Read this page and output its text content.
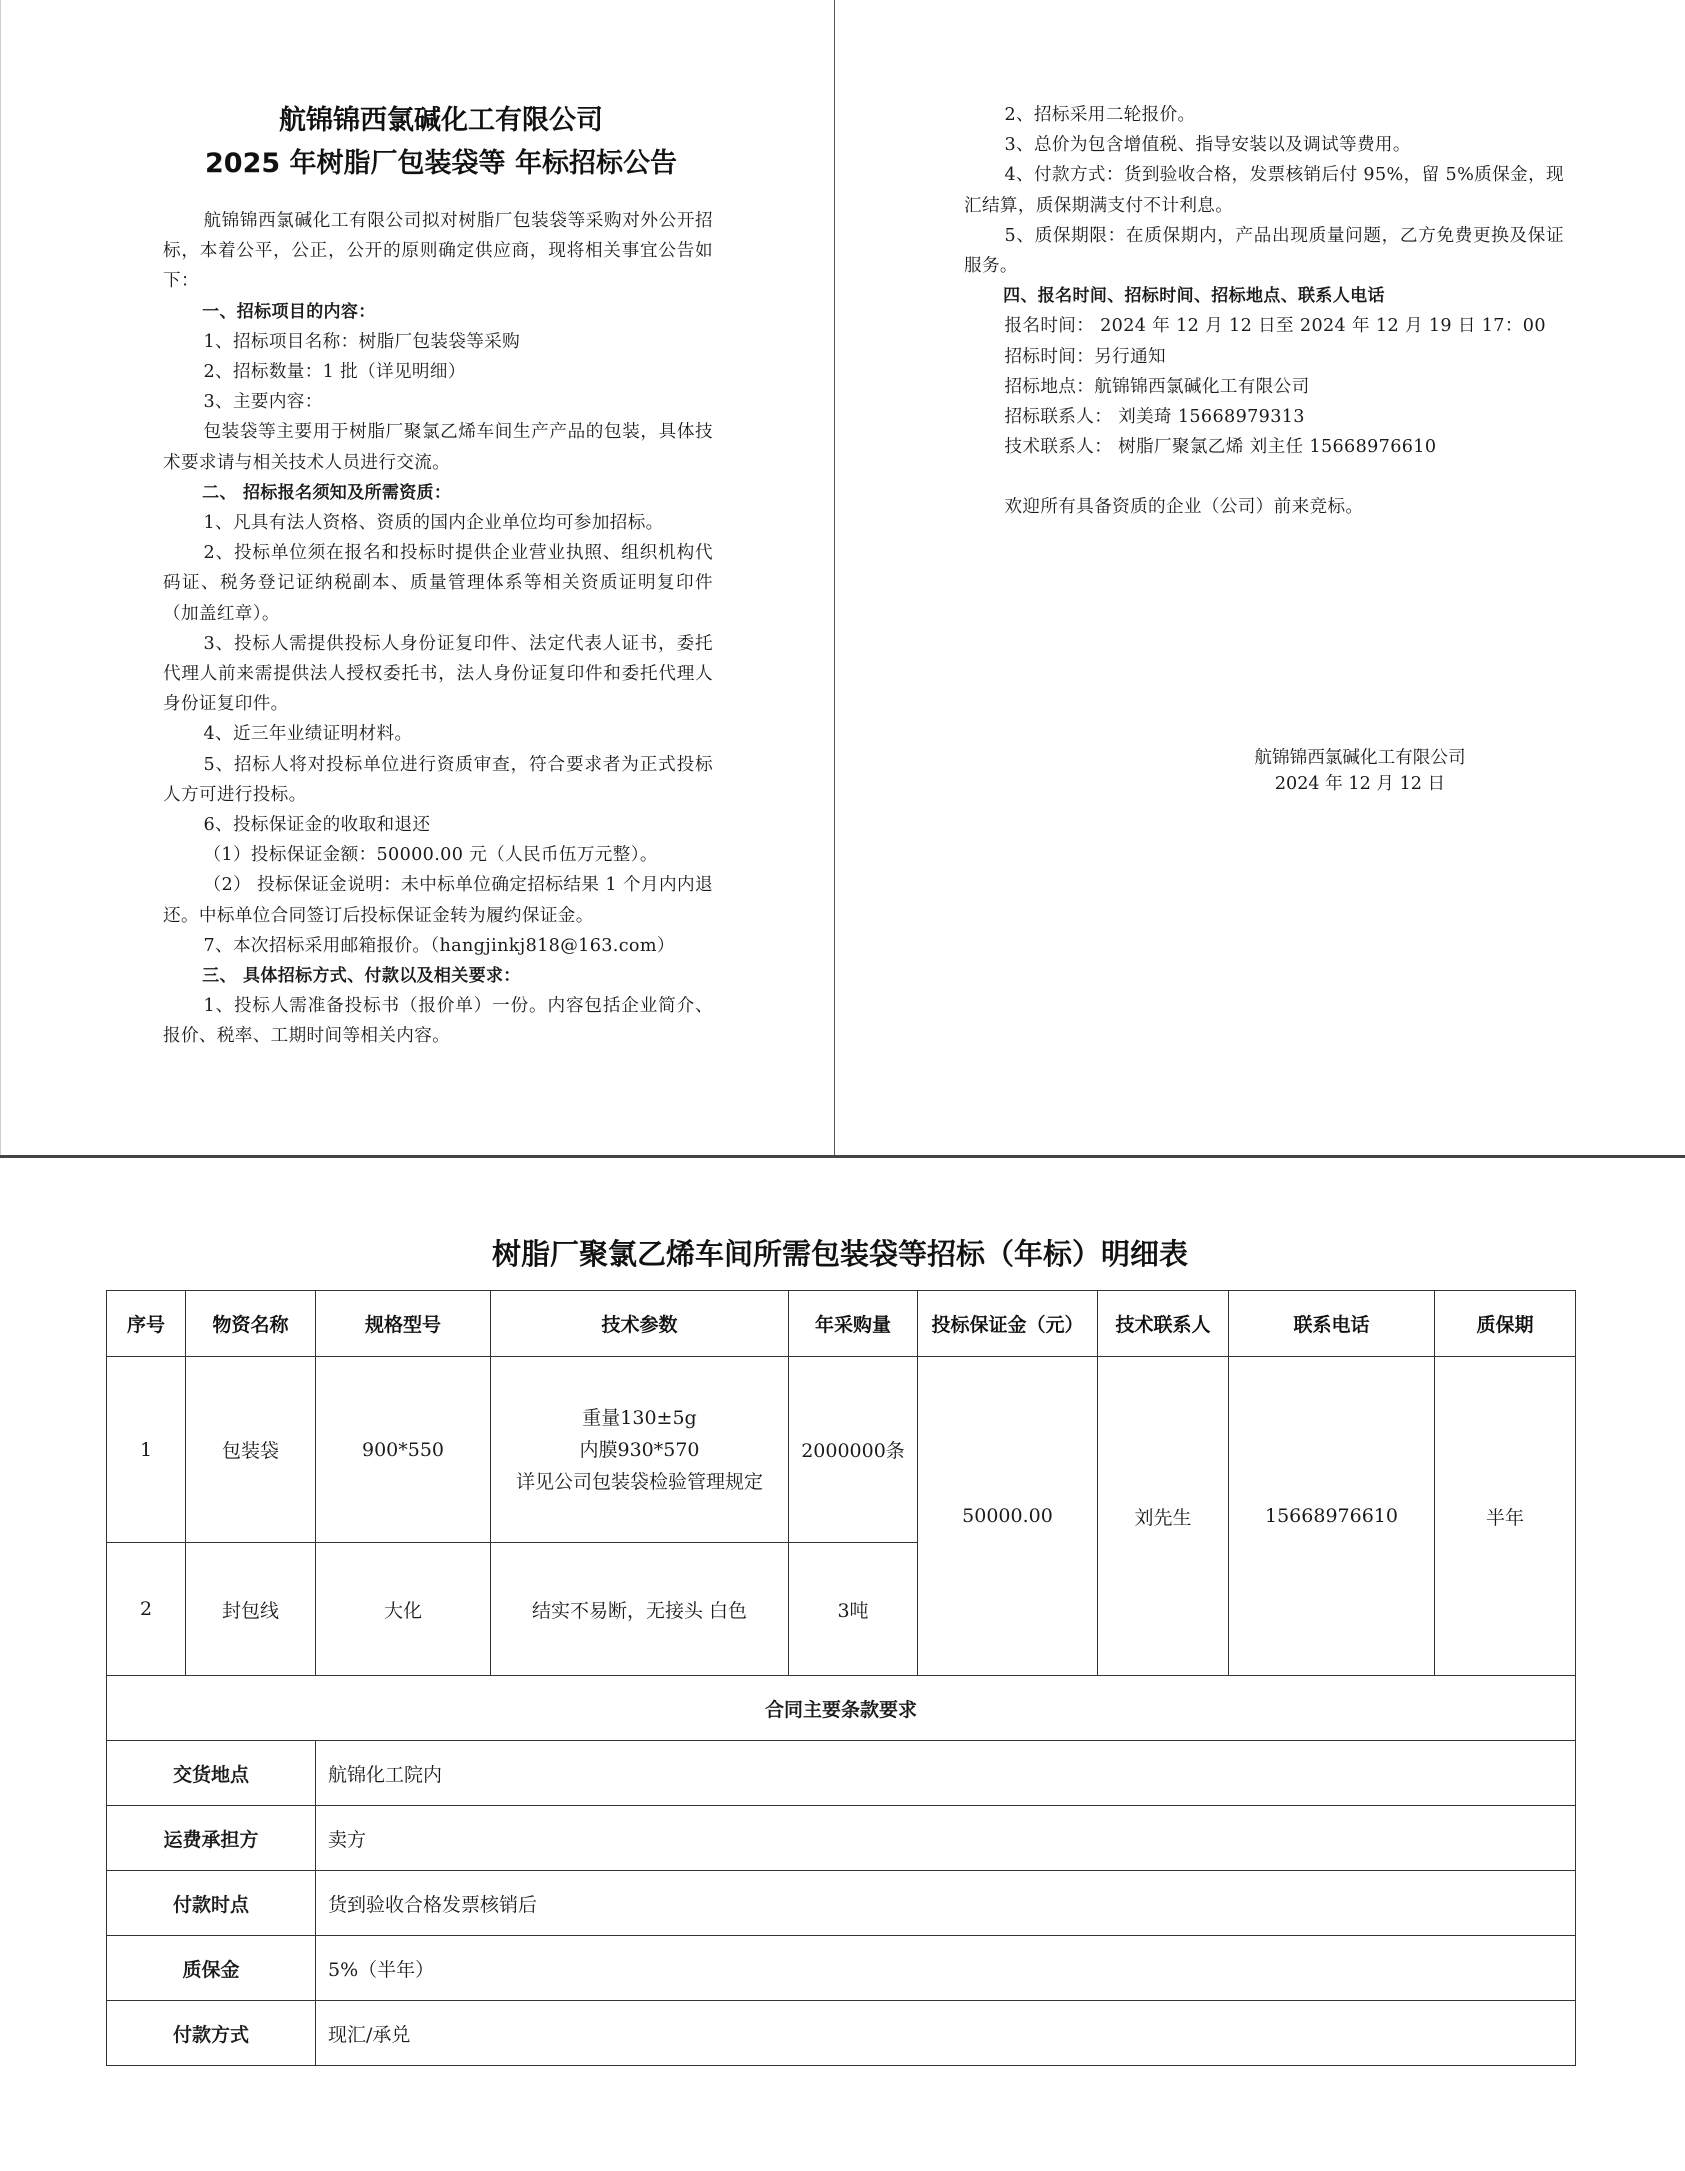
航锦锦西氯碱化工有限公司
2025 年树脂厂包装袋等 年标招标公告

航锦锦西氯碱化工有限公司拟对树脂厂包装袋等采购对外公开招标，本着公平，公正，公开的原则确定供应商，现将相关事宜公告如下：

一、招标项目的内容：

1、招标项目名称：树脂厂包装袋等采购

2、招标数量：1 批（详见明细）

3、主要内容：

包装袋等主要用于树脂厂聚氯乙烯车间生产产品的包装，具体技术要求请与相关技术人员进行交流。

二、 招标报名须知及所需资质：

1、凡具有法人资格、资质的国内企业单位均可参加招标。

2、投标单位须在报名和投标时提供企业营业执照、组织机构代码证、税务登记证纳税副本、质量管理体系等相关资质证明复印件（加盖红章）。

3、投标人需提供投标人身份证复印件、法定代表人证书，委托代理人前来需提供法人授权委托书，法人身份证复印件和委托代理人身份证复印件。

4、近三年业绩证明材料。

5、招标人将对投标单位进行资质审查，符合要求者为正式投标人方可进行投标。

6、投标保证金的收取和退还

（1）投标保证金额：50000.00 元（人民币伍万元整）。

（2） 投标保证金说明：未中标单位确定招标结果 1 个月内内退还。中标单位合同签订后投标保证金转为履约保证金。

7、本次招标采用邮箱报价。（hangjinkj818@163.com）

三、 具体招标方式、付款以及相关要求：

1、投标人需准备投标书（报价单）一份。内容包括企业简介、报价、税率、工期时间等相关内容。

2、招标采用二轮报价。

3、总价为包含增值税、指导安装以及调试等费用。

4、付款方式：货到验收合格，发票核销后付 95%，留 5%质保金，现汇结算，质保期满支付不计利息。

5、质保期限：在质保期内，产品出现质量问题，乙方免费更换及保证服务。

四、报名时间、招标时间、招标地点、联系人电话

报名时间： 2024 年 12 月 12 日至 2024 年 12 月 19 日 17：00

招标时间：另行通知

招标地点：航锦锦西氯碱化工有限公司

招标联系人： 刘美琦 15668979313

技术联系人： 树脂厂聚氯乙烯 刘主任 15668976610

欢迎所有具备资质的企业（公司）前来竞标。

航锦锦西氯碱化工有限公司
2024 年 12 月 12 日
树脂厂聚氯乙烯车间所需包装袋等招标（年标）明细表
序号	物资名称	规格型号	技术参数	年采购量	投标保证金（元）	技术联系人	联系电话	质保期
1	包装袋	900*550	重量130±5g
内膜930*570
详见公司包装袋检验管理规定	2000000条	50000.00	刘先生	15668976610	半年
2	封包线	大化	结实不易断，无接头 白色	3吨				
合同主要条款要求								
交货地点		航锦化工院内						
运费承担方		卖方						
付款时点		货到验收合格发票核销后						
质保金		5%（半年）						
付款方式		现汇/承兑						
